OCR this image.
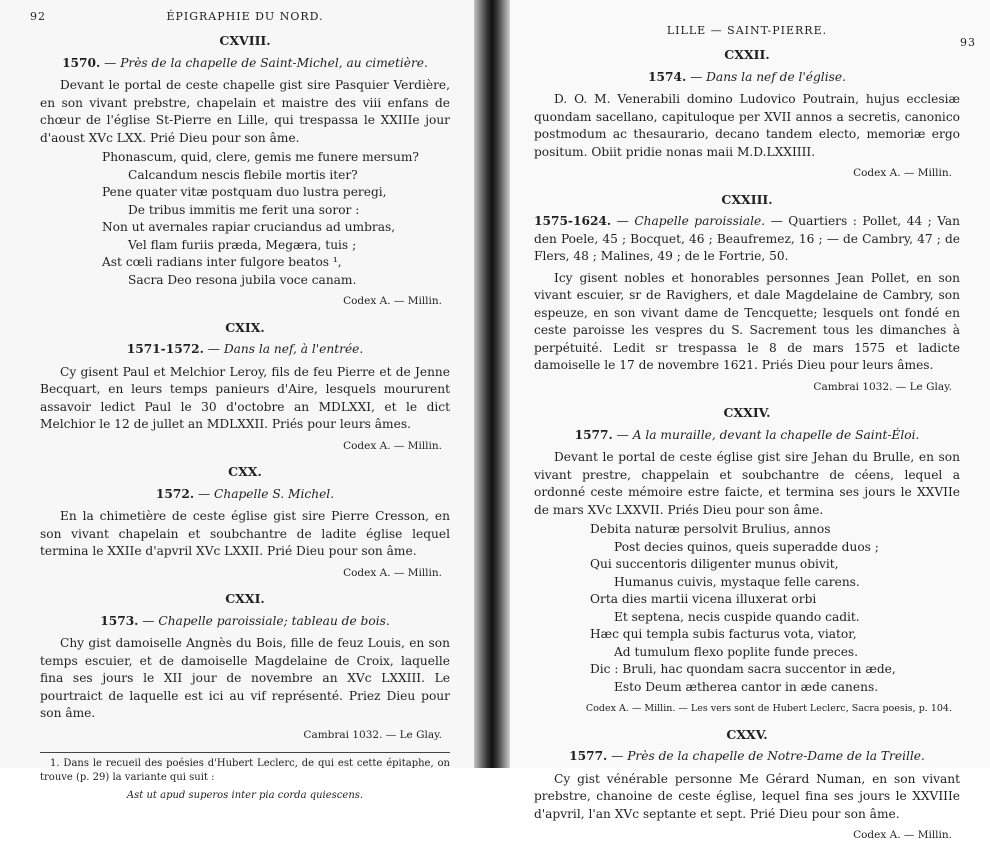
92	ÉPIGRAPHIE DU NORD.
CXVIII.
1570. — Près de la chapelle de Saint-Michel, au cimetière.

Devant le portal de ceste chapelle gist sire Pasquier Verdière, en son vivant prebstre, chapelain et maistre des viii enfans de chœur de l'église St-Pierre en Lille, qui trespassa le XXIIIe jour d'aoust XVc LXX. Prié Dieu pour son âme.

Phonascum, quid, clere, gemis me funere mersum?
Calcandum nescis flebile mortis iter?
Pene quater vitæ postquam duo lustra peregi,
De tribus immitis me ferit una soror :
Non ut avernales rapiar cruciandus ad umbras,
Vel flam furiis præda, Megæra, tuis ;
Ast cœli radians inter fulgore beatos ¹,
Sacra Deo resona jubila voce canam.
Codex A. — Millin.
CXIX.
1571-1572. — Dans la nef, à l'entrée.

Cy gisent Paul et Melchior Leroy, fils de feu Pierre et de Jenne Becquart, en leurs temps panieurs d'Aire, lesquels moururent assavoir ledict Paul le 30 d'octobre an MDLXXI, et le dict Melchior le 12 de jullet an MDLXXII. Priés pour leurs âmes.

Codex A. — Millin.
CXX.
1572. — Chapelle S. Michel.

En la chimetière de ceste église gist sire Pierre Cresson, en son vivant chapelain et soubchantre de ladite église lequel termina le XXIIe d'apvril XVc LXXII. Prié Dieu pour son âme.

Codex A. — Millin.
CXXI.
1573. — Chapelle paroissiale; tableau de bois.

Chy gist damoiselle Angnès du Bois, fille de feuz Louis, en son temps escuier, et de damoiselle Magdelaine de Croix, laquelle fina ses jours le XII jour de novembre an XVc LXXIII. Le pourtraict de laquelle est ici au vif représenté. Priez Dieu pour son âme.

Cambrai 1032. — Le Glay.

1. Dans le recueil des poésies d'Hubert Leclerc, de qui est cette épitaphe, on trouve (p. 29) la variante qui suit :

Ast ut apud superos inter pia corda quiescens.
LILLE — SAINT-PIERRE.
93
CXXII.
1574. — Dans la nef de l'église.

D. O. M. Venerabili domino Ludovico Poutrain, hujus ecclesiæ quondam sacellano, capituloque per XVII annos a secretis, canonico postmodum ac thesaurario, decano tandem electo, memoriæ ergo positum. Obiit pridie nonas maii M.D.LXXIIII.

Codex A. — Millin.
CXXIII.

1575-1624. — Chapelle paroissiale. — Quartiers : Pollet, 44 ; Van den Poele, 45 ; Bocquet, 46 ; Beaufremez, 16 ; — de Cambry, 47 ; de Flers, 48 ; Malines, 49 ; de le Fortrie, 50.

Icy gisent nobles et honorables personnes Jean Pollet, en son vivant escuier, sr de Ravighers, et dale Magdelaine de Cambry, son espeuze, en son vivant dame de Tencquette; lesquels ont fondé en ceste paroisse les vespres du S. Sacrement tous les dimanches à perpétuité. Ledit sr trespassa le 8 de mars 1575 et ladicte damoiselle le 17 de novembre 1621. Priés Dieu pour leurs âmes.

Cambrai 1032. — Le Glay.
CXXIV.
1577. — A la muraille, devant la chapelle de Saint-Éloi.

Devant le portal de ceste église gist sire Jehan du Brulle, en son vivant prestre, chappelain et soubchantre de céens, lequel a ordonné ceste mémoire estre faicte, et termina ses jours le XXVIIe de mars XVc LXXVII. Priés Dieu pour son âme.

Debita naturæ persolvit Brulius, annos
Post decies quinos, queis superadde duos ;
Qui succentoris diligenter munus obivit,
Humanus cuivis, mystaque felle carens.
Orta dies martii vicena illuxerat orbi
Et septena, necis cuspide quando cadit.
Hæc qui templa subis facturus vota, viator,
Ad tumulum flexo poplite funde preces.
Dic : Bruli, hac quondam sacra succentor in æde,
Esto Deum ætherea cantor in æde canens.
Codex A. — Millin. — Les vers sont de Hubert Leclerc, Sacra poesis, p. 104.
CXXV.
1577. — Près de la chapelle de Notre-Dame de la Treille.

Cy gist vénérable personne Me Gérard Numan, en son vivant prebstre, chanoine de ceste église, lequel fina ses jours le XXVIIIe d'apvril, l'an XVc septante et sept. Prié Dieu pour son âme.

Codex A. — Millin.
